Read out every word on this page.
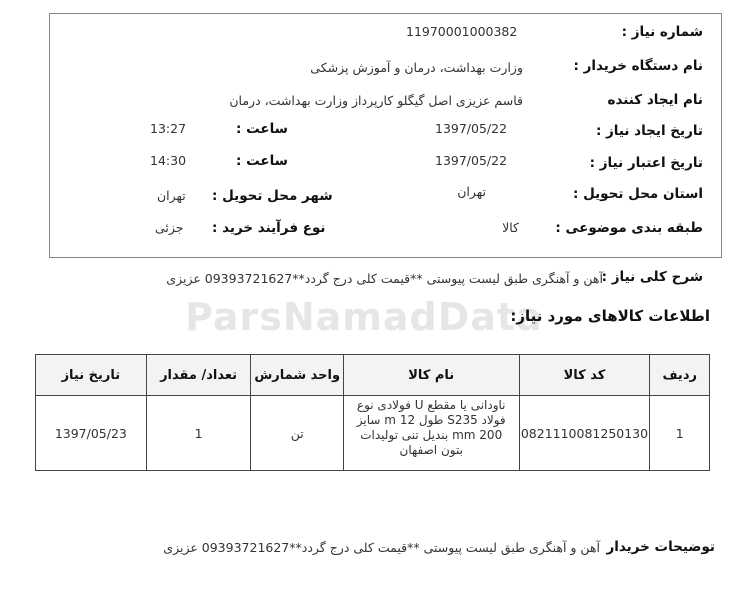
ParsNamadData
شماره نیاز :
11970001000382
نام دستگاه خریدار :
وزارت بهداشت، درمان و آموزش پزشکی
نام ایجاد کننده
قاسم عزیزی اصل گیگلو کارپرداز وزارت بهداشت، درمان
تاریخ ایجاد نیاز :
1397/05/22
ساعت :
13:27
تاریخ اعتبار نیاز :
1397/05/22
ساعت :
14:30
استان محل تحویل :
تهران
شهر محل تحویل :
تهران
طبقه بندی موضوعی :
کالا
نوع فرآیند خرید :
جزئی
شرح کلی نیاز :
آهن و آهنگری طبق لیست پیوستی **قیمت کلی درج گردد**09393721627 عزیزی
اطلاعات کالاهای مورد نیاز:
ردیف	کد کالا	نام کالا	واحد شمارش	تعداد/ مقدار	تاریخ نیاز
1	0821110081250130	ناودانی یا مقطع U فولادی نوع فولاد S235 طول 12 m سایز 200 mm بندیل تنی تولیدات بتون اصفهان	تن	1	1397/05/23
توضیحات خریدار
آهن و آهنگری طبق لیست پیوستی **قیمت کلی درج گردد**09393721627 عزیزی
